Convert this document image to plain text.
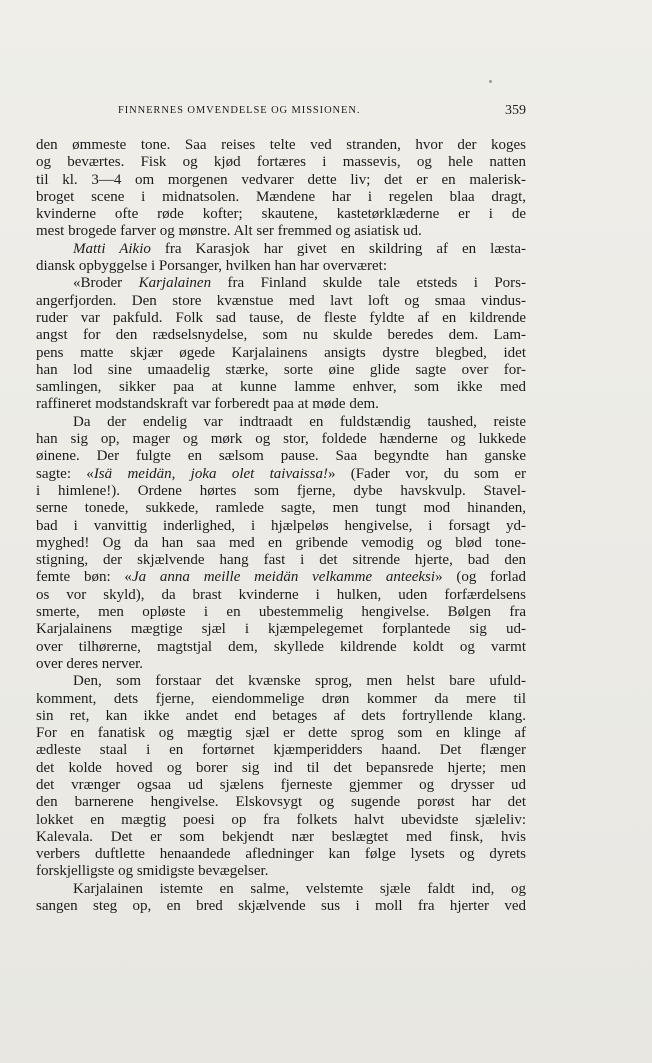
FINNERNES OMVENDELSE OG MISSIONEN.	359
den ømmeste tone. Saa reises telte ved stranden, hvor der koges
og beværtes. Fisk og kjød fortæres i massevis, og hele natten
til kl. 3—4 om morgenen vedvarer dette liv; det er en malerisk-
broget scene i midnatsolen. Mændene har i regelen blaa dragt,
kvinderne ofte røde kofter; skautene, kastetørklæderne er i de
mest brogede farver og mønstre. Alt ser fremmed og asiatisk ud.
Matti Aikio fra Karasjok har givet en skildring af en læsta-
diansk opbyggelse i Porsanger, hvilken han har overværet:
«Broder Karjalainen fra Finland skulde tale etsteds i Pors-
angerfjorden. Den store kvænstue med lavt loft og smaa vindus-
ruder var pakfuld. Folk sad tause, de fleste fyldte af en kildrende
angst for den rædselsnydelse, som nu skulde beredes dem. Lam-
pens matte skjær øgede Karjalainens ansigts dystre blegbed, idet
han lod sine umaadelig stærke, sorte øine glide sagte over for-
samlingen, sikker paa at kunne lamme enhver, som ikke med
raffineret modstandskraft var forberedt paa at møde dem.
Da der endelig var indtraadt en fuldstændig taushed, reiste
han sig op, mager og mørk og stor, foldede hænderne og lukkede
øinene. Der fulgte en sælsom pause. Saa begyndte han ganske
sagte: «Isä meidän, joka olet taivaissa!» (Fader vor, du som er
i himlene!). Ordene hørtes som fjerne, dybe havskvulp. Stavel-
serne tonede, sukkede, ramlede sagte, men tungt mod hinanden,
bad i vanvittig inderlighed, i hjælpeløs hengivelse, i forsagt yd-
myghed! Og da han saa med en gribende vemodig og blød tone-
stigning, der skjælvende hang fast i det sitrende hjerte, bad den
femte bøn: «Ja anna meille meidän velkamme anteeksi» (og forlad
os vor skyld), da brast kvinderne i hulken, uden forfærdelsens
smerte, men opløste i en ubestemmelig hengivelse. Bølgen fra
Karjalainens mægtige sjæl i kjæmpelegemet forplantede sig ud-
over tilhørerne, magtstjal dem, skyllede kildrende koldt og varmt
over deres nerver.
Den, som forstaar det kvænske sprog, men helst bare ufuld-
komment, dets fjerne, eiendommelige drøn kommer da mere til
sin ret, kan ikke andet end betages af dets fortryllende klang.
For en fanatisk og mægtig sjæl er dette sprog som en klinge af
ædleste staal i en fortørnet kjæmperidders haand. Det flænger
det kolde hoved og borer sig ind til det bepansrede hjerte; men
det vrænger ogsaa ud sjælens fjerneste gjemmer og drysser ud
den barnerene hengivelse. Elskovsygt og sugende porøst har det
lokket en mægtig poesi op fra folkets halvt ubevidste sjæleliv:
Kalevala. Det er som bekjendt nær beslægtet med finsk, hvis
verbers duftlette henaandede afledninger kan følge lysets og dyrets
forskjelligste og smidigste bevægelser.
Karjalainen istemte en salme, velstemte sjæle faldt ind, og
sangen steg op, en bred skjælvende sus i moll fra hjerter ved
